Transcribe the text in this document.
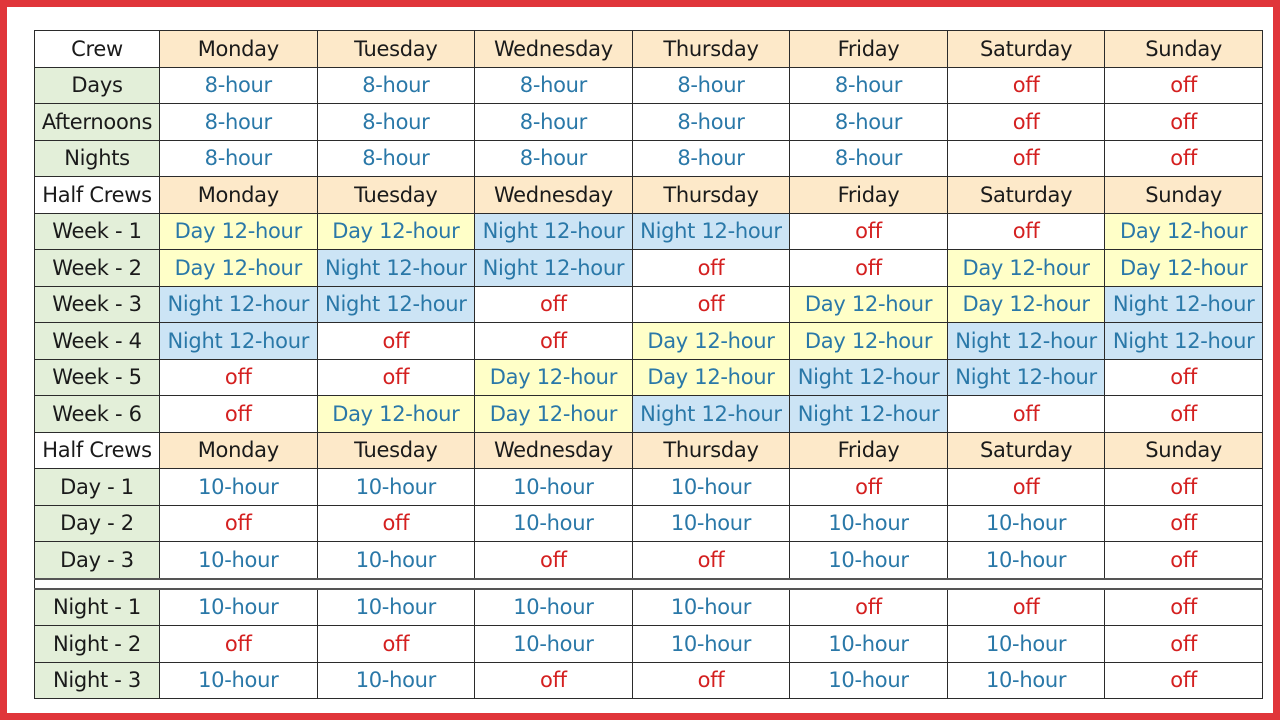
Crew	Monday	Tuesday	Wednesday	Thursday	Friday	Saturday	Sunday
Days	8-hour	8-hour	8-hour	8-hour	8-hour	off	off
Afternoons	8-hour	8-hour	8-hour	8-hour	8-hour	off	off
Nights	8-hour	8-hour	8-hour	8-hour	8-hour	off	off
Half Crews	Monday	Tuesday	Wednesday	Thursday	Friday	Saturday	Sunday
Week - 1	Day 12-hour	Day 12-hour	Night 12-hour	Night 12-hour	off	off	Day 12-hour
Week - 2	Day 12-hour	Night 12-hour	Night 12-hour	off	off	Day 12-hour	Day 12-hour
Week - 3	Night 12-hour	Night 12-hour	off	off	Day 12-hour	Day 12-hour	Night 12-hour
Week - 4	Night 12-hour	off	off	Day 12-hour	Day 12-hour	Night 12-hour	Night 12-hour
Week - 5	off	off	Day 12-hour	Day 12-hour	Night 12-hour	Night 12-hour	off
Week - 6	off	Day 12-hour	Day 12-hour	Night 12-hour	Night 12-hour	off	off
Half Crews	Monday	Tuesday	Wednesday	Thursday	Friday	Saturday	Sunday
Day - 1	10-hour	10-hour	10-hour	10-hour	off	off	off
Day - 2	off	off	10-hour	10-hour	10-hour	10-hour	off
Day - 3	10-hour	10-hour	off	off	10-hour	10-hour	off

Night - 1	10-hour	10-hour	10-hour	10-hour	off	off	off
Night - 2	off	off	10-hour	10-hour	10-hour	10-hour	off
Night - 3	10-hour	10-hour	off	off	10-hour	10-hour	off
